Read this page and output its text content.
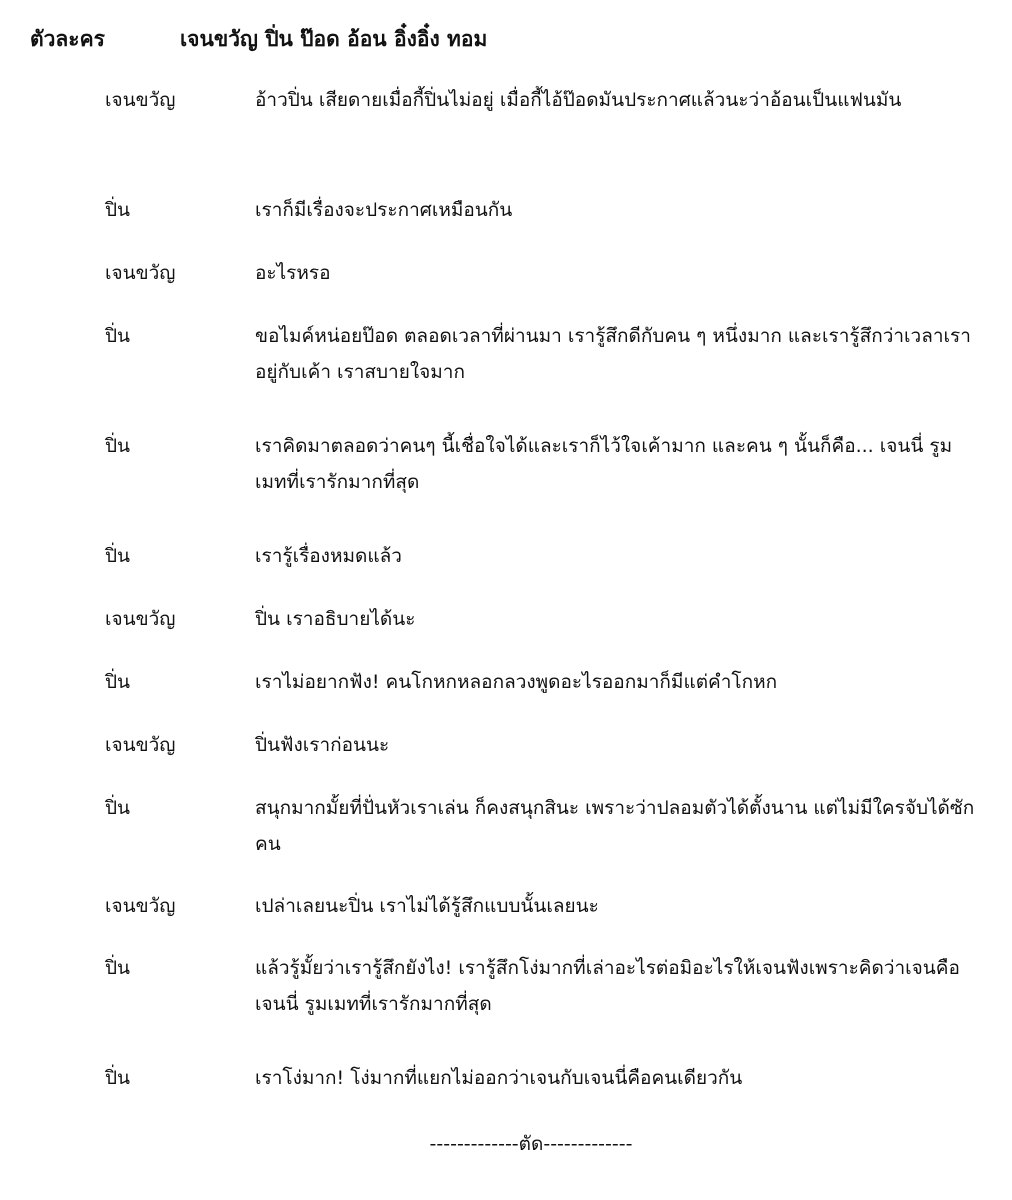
ตัวละคร	เจนขวัญ ปิ่น ป๊อด อ้อน อิ๋งอิ๋ง ทอม
เจนขวัญ	อ้าวปิ่น เสียดายเมื่อกี้ปิ่นไม่อยู่ เมื่อกี้ไอ้ป๊อดมันประกาศแล้วนะว่าอ้อนเป็นแฟนมัน
ปิ่น	เราก็มีเรื่องจะประกาศเหมือนกัน
เจนขวัญ	อะไรหรอ
ปิ่น	ขอไมค์หน่อยป๊อด ตลอดเวลาที่ผ่านมา เรารู้สึกดีกับคน ๆ หนึ่งมาก และเรารู้สึกว่าเวลาเราอยู่กับเค้า เราสบายใจมาก
ปิ่น	เราคิดมาตลอดว่าคนๆ นี้เชื่อใจได้และเราก็ไว้ใจเค้ามาก และคน ๆ นั้นก็คือ... เจนนี่ รูมเมทที่เรารักมากที่สุด
ปิ่น	เรารู้เรื่องหมดแล้ว
เจนขวัญ	ปิ่น เราอธิบายได้นะ
ปิ่น	เราไม่อยากฟัง! คนโกหกหลอกลวงพูดอะไรออกมาก็มีแต่คำโกหก
เจนขวัญ	ปิ่นฟังเราก่อนนะ
ปิ่น	สนุกมากมั้ยที่ปั่นหัวเราเล่น ก็คงสนุกสินะ เพราะว่าปลอมตัวได้ตั้งนาน แต่ไม่มีใครจับได้ซักคน
เจนขวัญ	เปล่าเลยนะปิ่น เราไม่ได้รู้สึกแบบนั้นเลยนะ
ปิ่น	แล้วรู้มั้ยว่าเรารู้สึกยังไง! เรารู้สึกโง่มากที่เล่าอะไรต่อมิอะไรให้เจนฟังเพราะคิดว่าเจนคือเจนนี่ รูมเมทที่เรารักมากที่สุด
ปิ่น	เราโง่มาก! โง่มากที่แยกไม่ออกว่าเจนกับเจนนี่คือคนเดียวกัน
-------------ตัด-------------
